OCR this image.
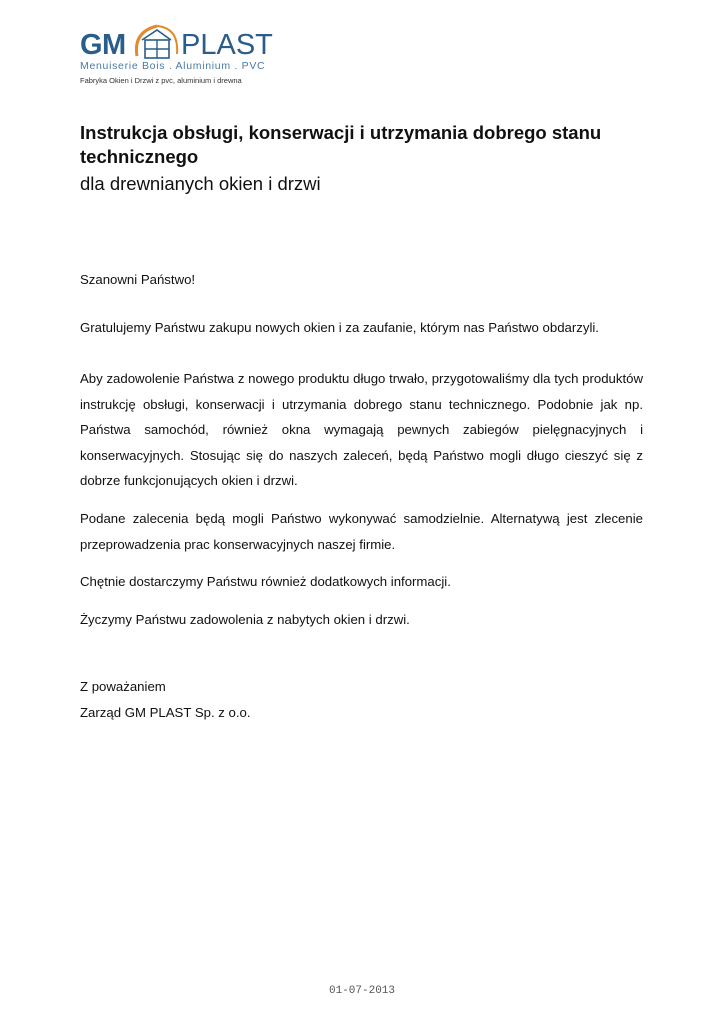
GM PLAST
Menuiserie Bois . Aluminium . PVC
Fabryka Okien i Drzwi z pvc, aluminium i drewna
Instrukcja obsługi, konserwacji i utrzymania dobrego stanu technicznego
dla drewnianych okien i drzwi

Szanowni Państwo!

Gratulujemy Państwu zakupu nowych okien i za zaufanie, którym nas Państwo obdarzyli.

Aby zadowolenie Państwa z nowego produktu długo trwało, przygotowaliśmy dla tych produktów instrukcję obsługi, konserwacji i utrzymania dobrego stanu technicznego. Podobnie jak np. Państwa samochód, również okna wymagają pewnych zabiegów pielęgnacyjnych i konserwacyjnych. Stosując się do naszych zaleceń, będą Państwo mogli długo cieszyć się z dobrze funkcjonujących okien i drzwi.

Podane zalecenia będą mogli Państwo wykonywać samodzielnie. Alternatywą jest zlecenie przeprowadzenia prac konserwacyjnych naszej firmie.

Chętnie dostarczymy Państwu również dodatkowych informacji.

Życzymy Państwu zadowolenia z nabytych okien i drzwi.

Z poważaniem

Zarząd GM PLAST Sp. z o.o.

01-07-2013
